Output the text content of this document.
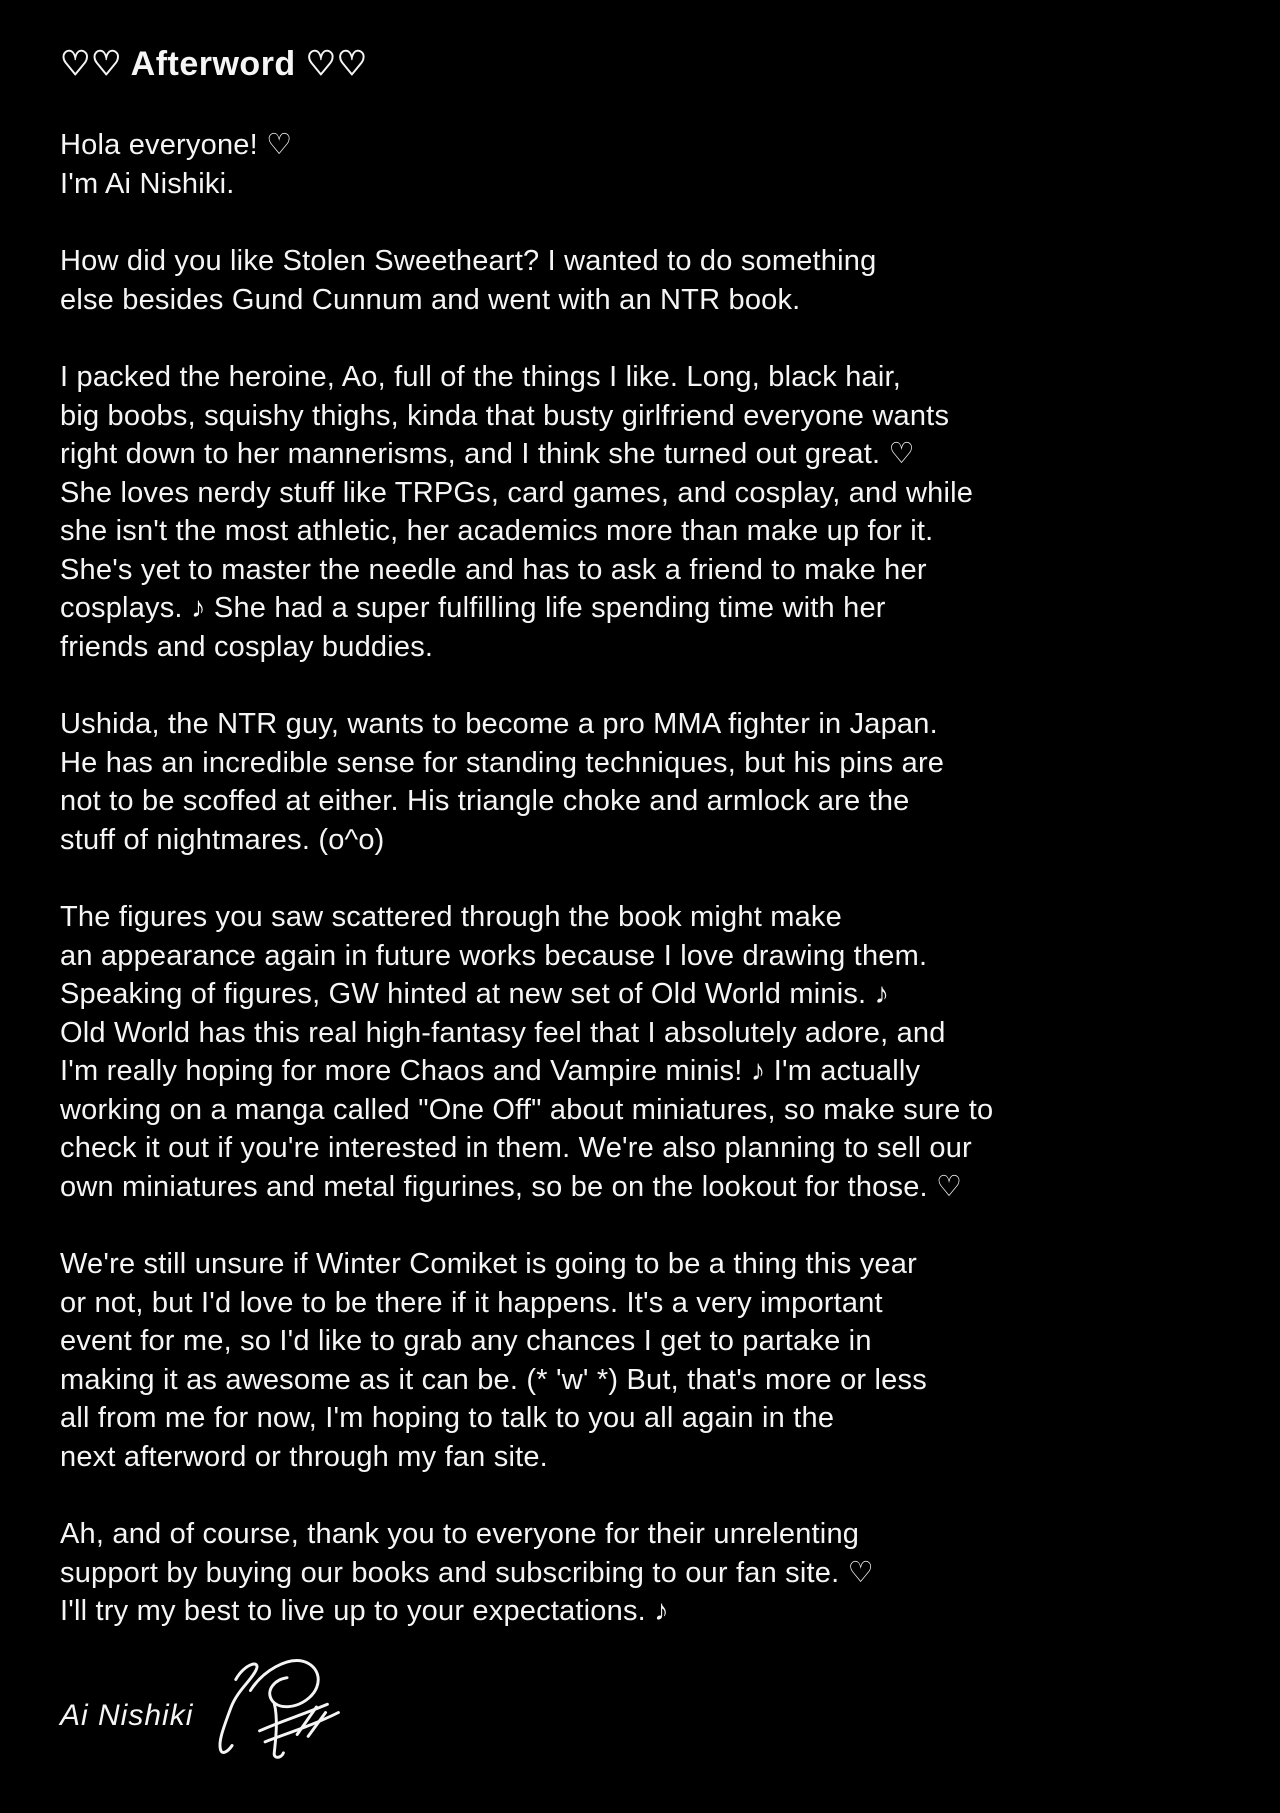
♡♡ Afterword ♡♡

Hola everyone! ♡
I'm Ai Nishiki.

How did you like Stolen Sweetheart? I wanted to do something
else besides Gund Cunnum and went with an NTR book.

I packed the heroine, Ao, full of the things I like. Long, black hair,
big boobs, squishy thighs, kinda that busty girlfriend everyone wants
right down to her mannerisms, and I think she turned out great. ♡
She loves nerdy stuff like TRPGs, card games, and cosplay, and while
she isn't the most athletic, her academics more than make up for it.
She's yet to master the needle and has to ask a friend to make her
cosplays. ♪ She had a super fulfilling life spending time with her
friends and cosplay buddies.

Ushida, the NTR guy, wants to become a pro MMA fighter in Japan.
He has an incredible sense for standing techniques, but his pins are
not to be scoffed at either. His triangle choke and armlock are the
stuff of nightmares. (o^o)

The figures you saw scattered through the book might make
an appearance again in future works because I love drawing them.
Speaking of figures, GW hinted at new set of Old World minis. ♪
Old World has this real high-fantasy feel that I absolutely adore, and
I'm really hoping for more Chaos and Vampire minis! ♪ I'm actually
working on a manga called "One Off" about miniatures, so make sure to
check it out if you're interested in them. We're also planning to sell our
own miniatures and metal figurines, so be on the lookout for those. ♡

We're still unsure if Winter Comiket is going to be a thing this year
or not, but I'd love to be there if it happens. It's a very important
event for me, so I'd like to grab any chances I get to partake in
making it as awesome as it can be. (* 'w' *) But, that's more or less
all from me for now, I'm hoping to talk to you all again in the
next afterword or through my fan site.

Ah, and of course, thank you to everyone for their unrelenting
support by buying our books and subscribing to our fan site. ♡
I'll try my best to live up to your expectations. ♪

Ai Nishiki
